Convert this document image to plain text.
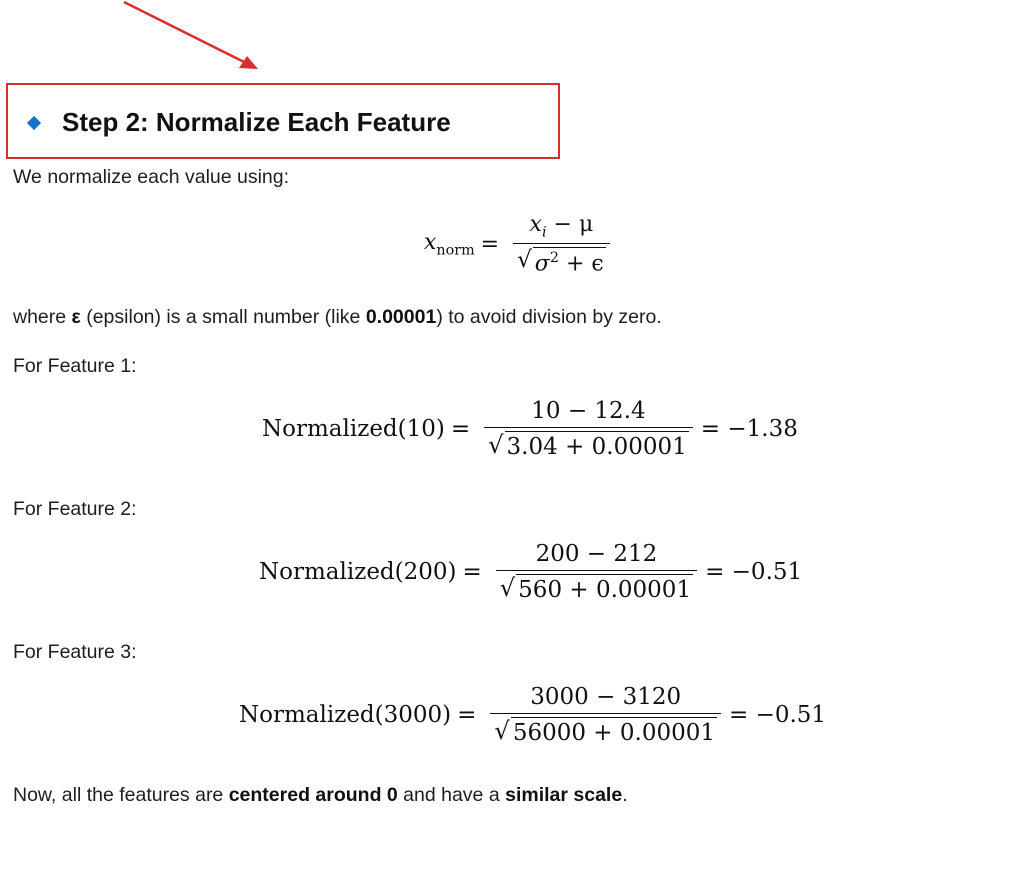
Step 2: Normalize Each Feature
We normalize each value using:
$x_{norm} = \frac{x_i - \mu}{√ \sigma^2 + \epsilon}$
where ε (epsilon) is a small number (like 0.00001) to avoid division by zero.
For Feature 1:
Normalized(10) = $\frac{10 - 12.4}{√ 3.04 + 0.00001} = -1.38$
For Feature 2:
Normalized(200) = $\frac{200 - 212}{√ 560 + 0.00001} = -0.51$
For Feature 3:
Normalized(3000) = $\frac{3000 - 3120}{√ 56000 + 0.00001} = -0.51$
Now, all the features are centered around 0 and have a similar scale.
